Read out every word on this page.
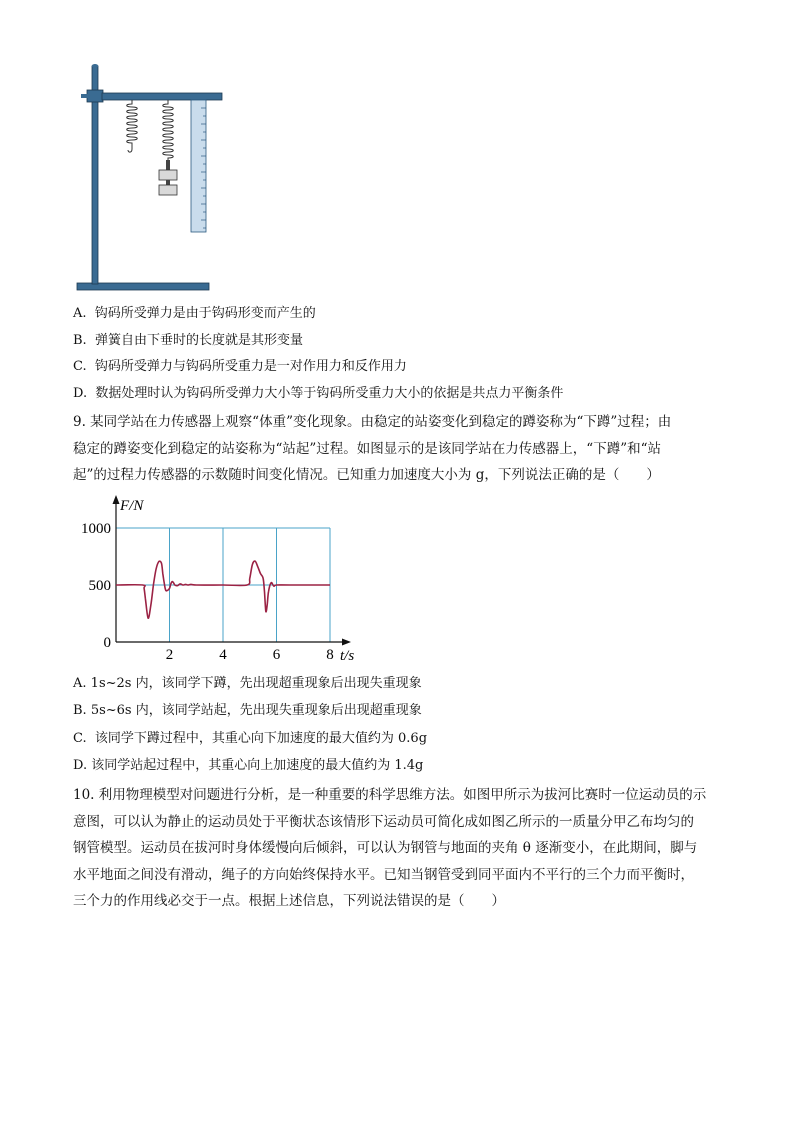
A. 钩码所受弹力是由于钩码形变而产生的
B. 弹簧自由下垂时的长度就是其形变量
C. 钩码所受弹力与钩码所受重力是一对作用力和反作用力
D. 数据处理时认为钩码所受弹力大小等于钩码所受重力大小的依据是共点力平衡条件
9. 某同学站在力传感器上观察“体重”变化现象。由稳定的站姿变化到稳定的蹲姿称为“下蹲”过程；由
稳定的蹲姿变化到稳定的站姿称为“站起”过程。如图显示的是该同学站在力传感器上，“下蹲”和“站
起”的过程力传感器的示数随时间变化情况。已知重力加速度大小为 g，下列说法正确的是（　　）
0
500
1000
2	4	6	8
F/N
t/s
A. 1s~2s 内，该同学下蹲，先出现超重现象后出现失重现象
B. 5s~6s 内，该同学站起，先出现失重现象后出现超重现象
C. 该同学下蹲过程中，其重心向下加速度的最大值约为 0.6g
D. 该同学站起过程中，其重心向上加速度的最大值约为 1.4g
10. 利用物理模型对问题进行分析，是一种重要的科学思维方法。如图甲所示为拔河比赛时一位运动员的示
意图，可以认为静止的运动员处于平衡状态该情形下运动员可简化成如图乙所示的一质量分甲乙布均匀的
钢管模型。运动员在拔河时身体缓慢向后倾斜，可以认为钢管与地面的夹角 θ 逐渐变小，在此期间，脚与
水平地面之间没有滑动，绳子的方向始终保持水平。已知当钢管受到同平面内不平行的三个力而平衡时，
三个力的作用线必交于一点。根据上述信息，下列说法错误的是（　　）
